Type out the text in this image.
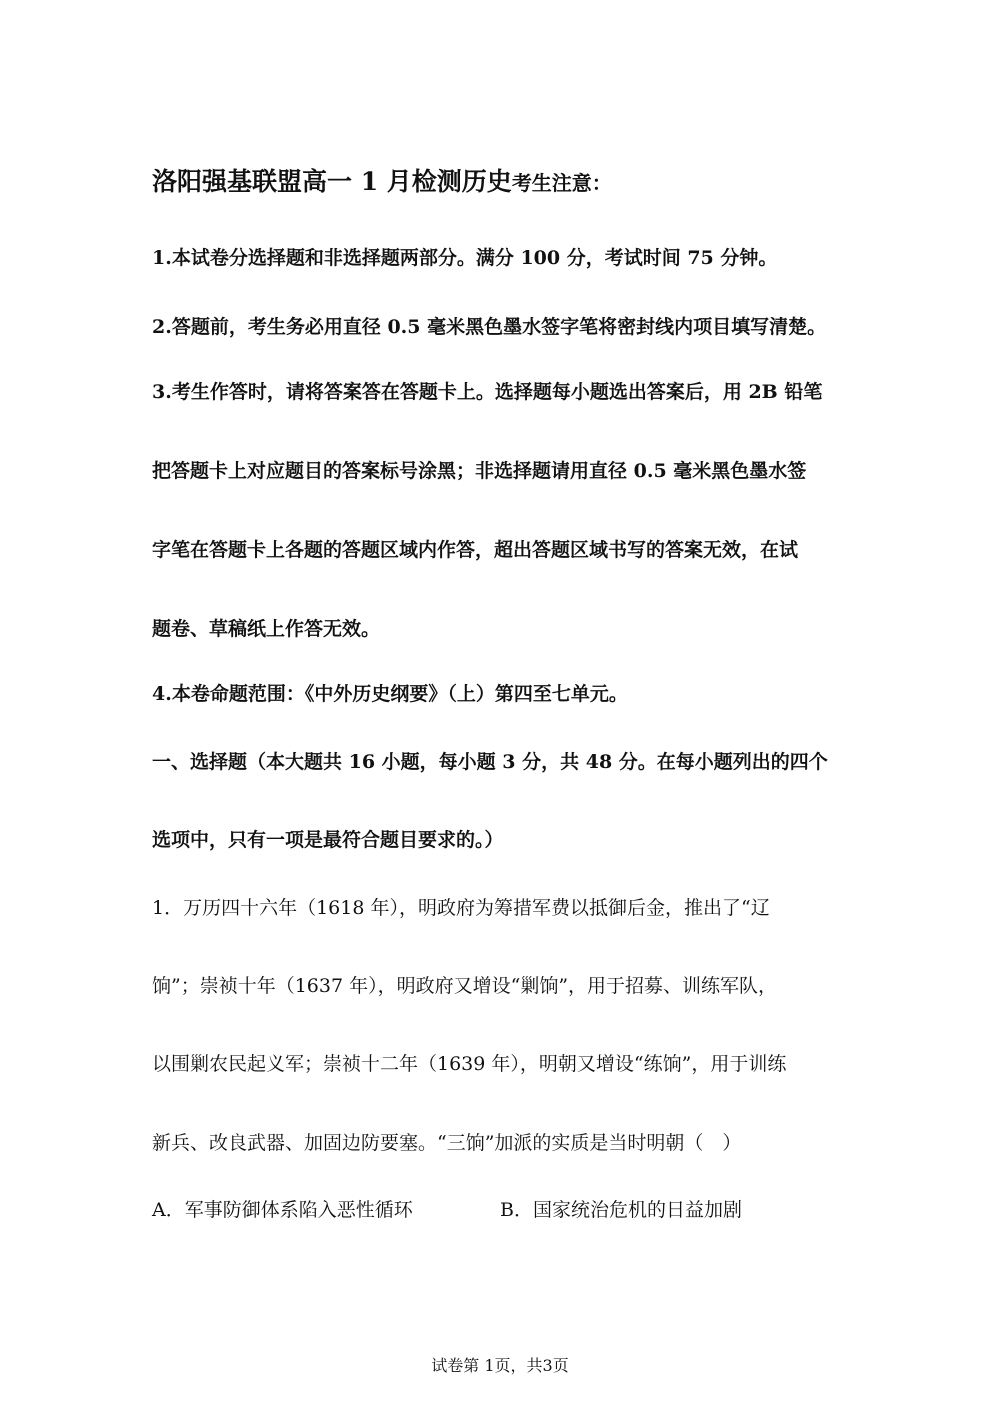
洛阳强基联盟高一 1 月检测历史考生注意：
1.本试卷分选择题和非选择题两部分。满分 100 分，考试时间 75 分钟。
2.答题前，考生务必用直径 0.5 毫米黑色墨水签字笔将密封线内项目填写清楚。
3.考生作答时，请将答案答在答题卡上。选择题每小题选出答案后，用 2B 铅笔
把答题卡上对应题目的答案标号涂黑；非选择题请用直径 0.5 毫米黑色墨水签
字笔在答题卡上各题的答题区域内作答，超出答题区域书写的答案无效，在试
题卷、草稿纸上作答无效。
4.本卷命题范围：《中外历史纲要》（上）第四至七单元。
一、选择题（本大题共 16 小题，每小题 3 分，共 48 分。在每小题列出的四个
选项中，只有一项是最符合题目要求的。）
1．万历四十六年（1618 年），明政府为筹措军费以抵御后金，推出了“辽
饷”；崇祯十年（1637 年），明政府又增设“剿饷”，用于招募、训练军队，
以围剿农民起义军；崇祯十二年（1639 年），明朝又增设“练饷”，用于训练
新兵、改良武器、加固边防要塞。“三饷”加派的实质是当时明朝（　）
A．军事防御体系陷入恶性循环	B．国家统治危机的日益加剧
试卷第 1页，共3页
